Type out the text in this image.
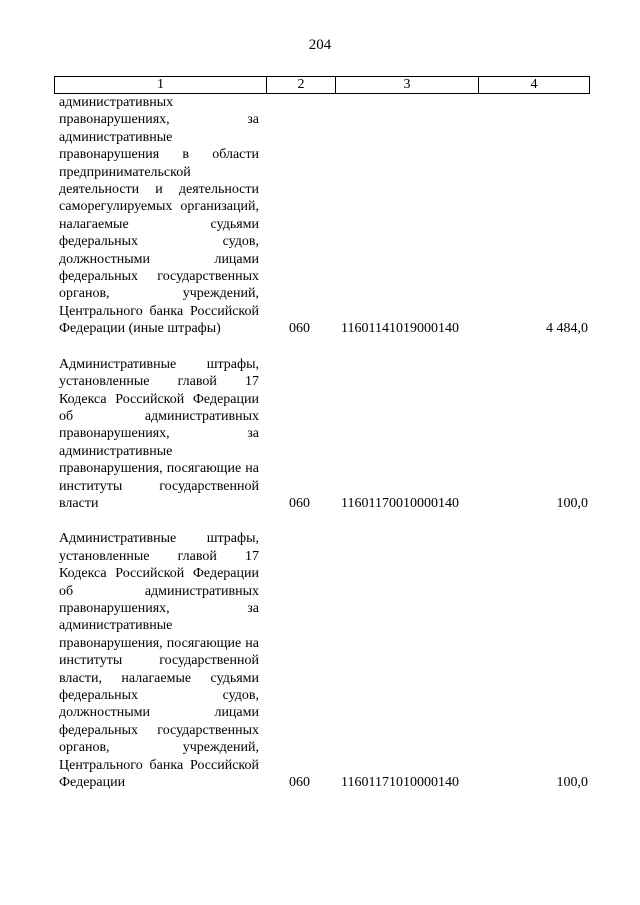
204
1	2	3	4
административных правонарушениях, за административные правонарушения в области предпринимательской деятельности и деятельности саморегулируемых организаций, налагаемые судьями федеральных судов, должностными лицами федеральных государственных органов, учреждений, Центрального банка Российской Федерации (иные штрафы)	060 11601141019000140	4 484,0
Административные штрафы, установленные главой 17 Кодекса Российской Федерации об административных правонарушениях, за административные правонарушения, посягающие на институты государственной власти	060 11601170010000140	100,0
Административные штрафы, установленные главой 17 Кодекса Российской Федерации об административных правонарушениях, за административные правонарушения, посягающие на институты государственной власти, налагаемые судьями федеральных судов, должностными лицами федеральных государственных органов, учреждений, Центрального банка Российской Федерации	060 11601171010000140	100,0
